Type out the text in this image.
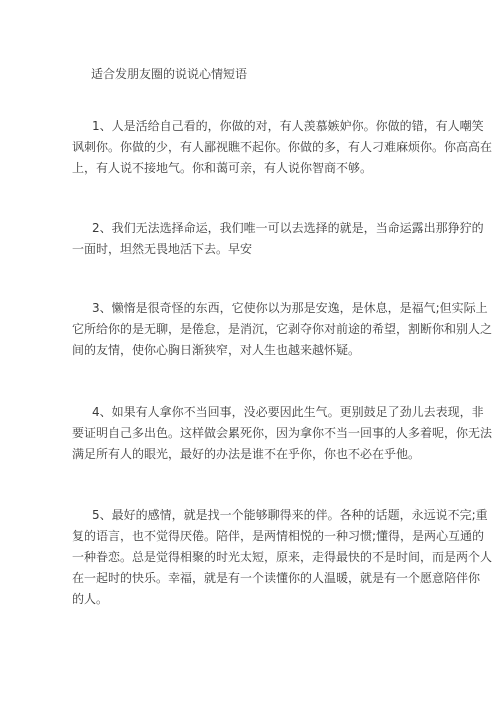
适合发朋友圈的说说心情短语
1、人是活给自己看的，你做的对，有人羡慕嫉妒你。你做的错，有人嘲笑
讽刺你。你做的少，有人鄙视瞧不起你。你做的多，有人刁难麻烦你。你高高在
上，有人说不接地气。你和蔼可亲，有人说你智商不够。
2、我们无法选择命运，我们唯一可以去选择的就是，当命运露出那狰狞的
一面时，坦然无畏地活下去。早安
3、懒惰是很奇怪的东西，它使你以为那是安逸，是休息，是福气;但实际上
它所给你的是无聊，是倦怠，是消沉，它剥夺你对前途的希望，割断你和别人之
间的友情，使你心胸日渐狭窄，对人生也越来越怀疑。
4、如果有人拿你不当回事，没必要因此生气。更别鼓足了劲儿去表现，非
要证明自己多出色。这样做会累死你，因为拿你不当一回事的人多着呢，你无法
满足所有人的眼光，最好的办法是谁不在乎你，你也不必在乎他。
5、最好的感情，就是找一个能够聊得来的伴。各种的话题，永远说不完;重
复的语言，也不觉得厌倦。陪伴，是两情相悦的一种习惯;懂得，是两心互通的
一种眷恋。总是觉得相聚的时光太短，原来，走得最快的不是时间，而是两个人
在一起时的快乐。幸福，就是有一个读懂你的人温暖，就是有一个愿意陪伴你
的人。
